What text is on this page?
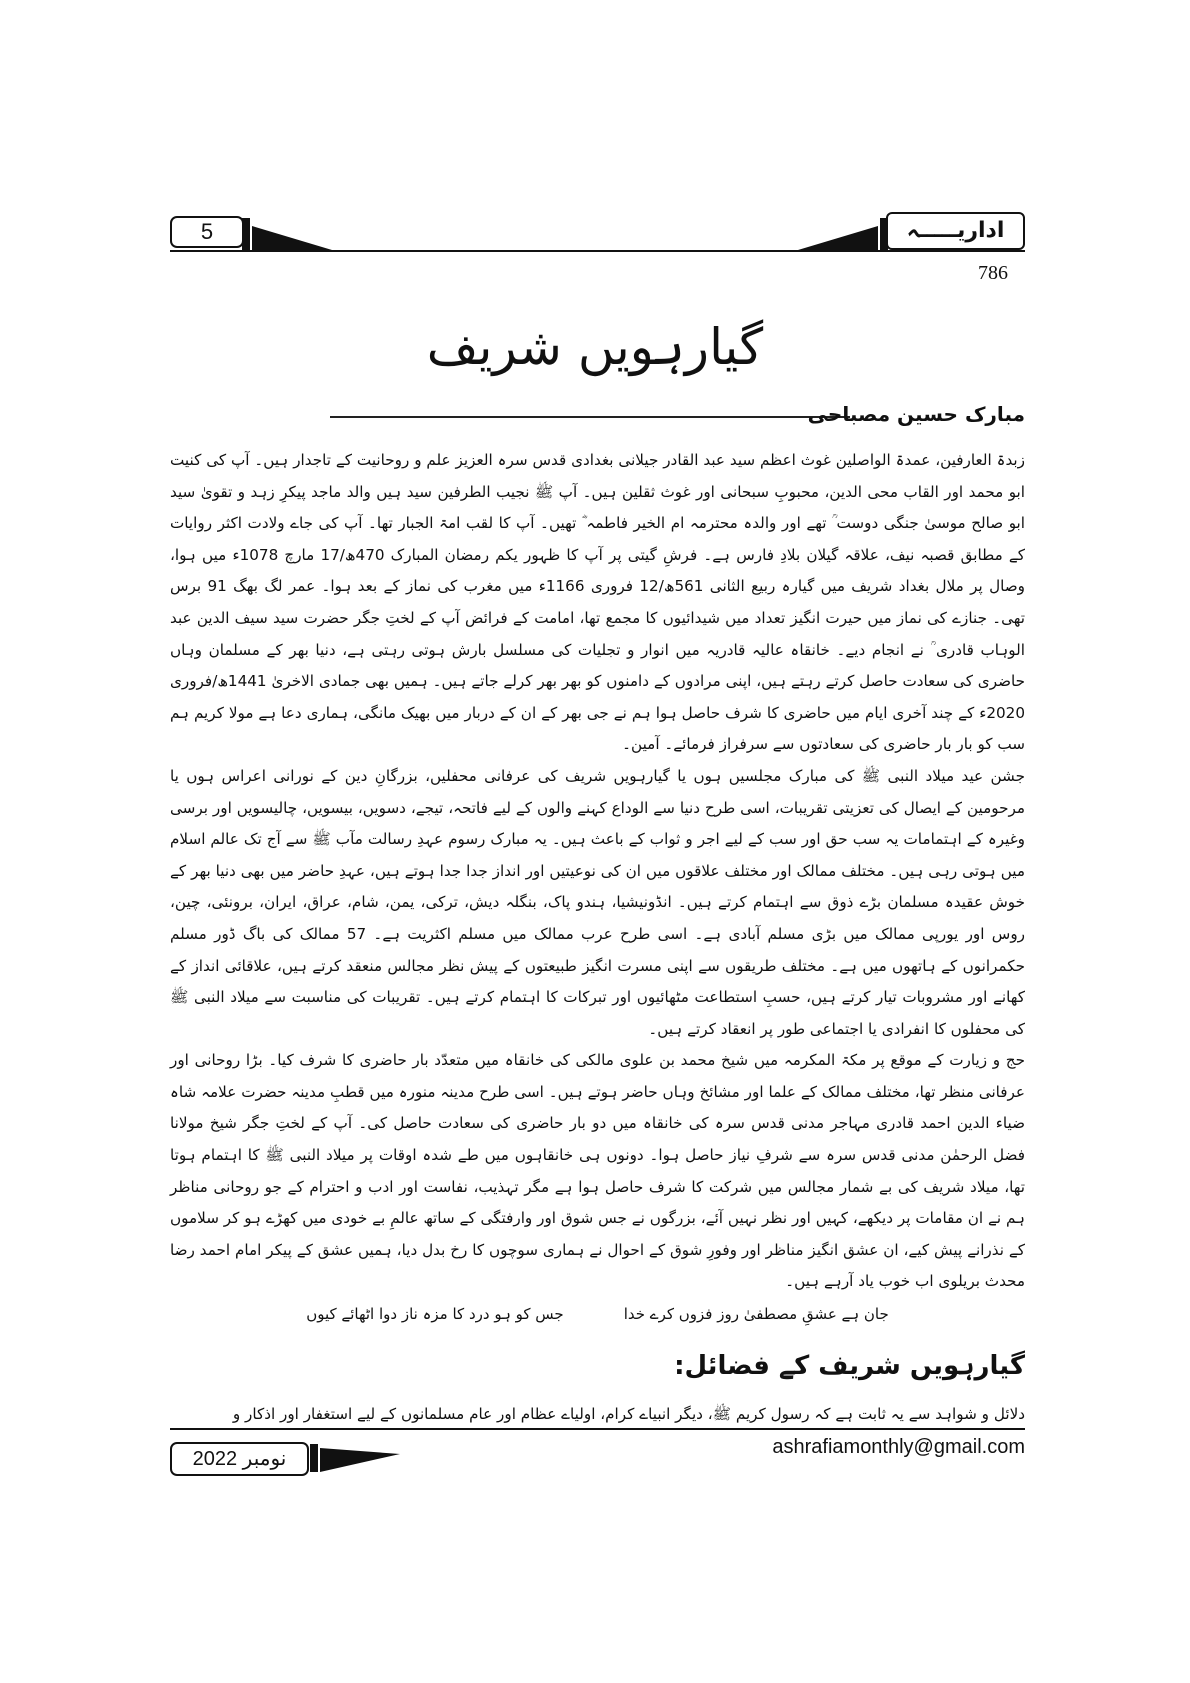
5	اداریـــــہ
786
گیارہویں شریف
مبارک حسین مصباحی

زبدۃ العارفین، عمدۃ الواصلین غوث اعظم سید عبد القادر جیلانی بغدادی قدس سرہ العزیز علم و روحانیت کے تاجدار ہیں۔ آپ کی کنیت ابو محمد اور القاب محی الدین، محبوبِ سبحانی اور غوث ثقلین ہیں۔ آپ ﷺ نجیب الطرفین سید ہیں والد ماجد پیکرِ زہد و تقویٰ سید ابو صالح موسیٰ جنگی دوست ؒ تھے اور والدہ محترمہ ام الخیر فاطمہ ؓ تھیں۔ آپ کا لقب امۃ الجبار تھا۔ آپ کی جاے ولادت اکثر روایات کے مطابق قصبہ نیف، علاقہ گیلان بلادِ فارس ہے۔ فرشِ گیتی پر آپ کا ظہور یکم رمضان المبارک 470ھ/17 مارچ 1078ء میں ہوا، وصال پر ملال بغداد شریف میں گیارہ ربیع الثانی 561ھ/12 فروری 1166ء میں مغرب کی نماز کے بعد ہوا۔ عمر لگ بھگ 91 برس تھی۔ جنازے کی نماز میں حیرت انگیز تعداد میں شیدائیوں کا مجمع تھا، امامت کے فرائض آپ کے لختِ جگر حضرت سید سیف الدین عبد الوہاب قادری ؒ نے انجام دیے۔ خانقاہ عالیہ قادریہ میں انوار و تجلیات کی مسلسل بارش ہوتی رہتی ہے، دنیا بھر کے مسلمان وہاں حاضری کی سعادت حاصل کرتے رہتے ہیں، اپنی مرادوں کے دامنوں کو بھر بھر کرلے جاتے ہیں۔ ہمیں بھی جمادی الاخریٰ 1441ھ/فروری 2020ء کے چند آخری ایام میں حاضری کا شرف حاصل ہوا ہم نے جی بھر کے ان کے دربار میں بھیک مانگی، ہماری دعا ہے مولا کریم ہم سب کو بار بار حاضری کی سعادتوں سے سرفراز فرمائے۔ آمین۔

جشن عید میلاد النبی ﷺ کی مبارک مجلسیں ہوں یا گیارہویں شریف کی عرفانی محفلیں، بزرگانِ دین کے نورانی اعراس ہوں یا مرحومین کے ایصال کی تعزیتی تقریبات، اسی طرح دنیا سے الوداع کہنے والوں کے لیے فاتحہ، تیجے، دسویں، بیسویں، چالیسویں اور برسی وغیرہ کے اہتمامات یہ سب حق اور سب کے لیے اجر و ثواب کے باعث ہیں۔ یہ مبارک رسوم عہدِ رسالت مآب ﷺ سے آج تک عالم اسلام میں ہوتی رہی ہیں۔ مختلف ممالک اور مختلف علاقوں میں ان کی نوعیتیں اور انداز جدا جدا ہوتے ہیں، عہدِ حاضر میں بھی دنیا بھر کے خوش عقیدہ مسلمان بڑے ذوق سے اہتمام کرتے ہیں۔ انڈونیشیا، ہندو پاک، بنگلہ دیش، ترکی، یمن، شام، عراق، ایران، برونئی، چین، روس اور یورپی ممالک میں بڑی مسلم آبادی ہے۔ اسی طرح عرب ممالک میں مسلم اکثریت ہے۔ 57 ممالک کی باگ ڈور مسلم حکمرانوں کے ہاتھوں میں ہے۔ مختلف طریقوں سے اپنی مسرت انگیز طبیعتوں کے پیش نظر مجالس منعقد کرتے ہیں، علاقائی انداز کے کھانے اور مشروبات تیار کرتے ہیں، حسبِ استطاعت مٹھائیوں اور تبرکات کا اہتمام کرتے ہیں۔ تقریبات کی مناسبت سے میلاد النبی ﷺ کی محفلوں کا انفرادی یا اجتماعی طور پر انعقاد کرتے ہیں۔

حج و زیارت کے موقع پر مکۃ المکرمہ میں شیخ محمد بن علوی مالکی کی خانقاہ میں متعدّد بار حاضری کا شرف کیا۔ بڑا روحانی اور عرفانی منظر تھا، مختلف ممالک کے علما اور مشائخ وہاں حاضر ہوتے ہیں۔ اسی طرح مدینہ منورہ میں قطبِ مدینہ حضرت علامہ شاہ ضیاء الدین احمد قادری مہاجر مدنی قدس سرہ کی خانقاہ میں دو بار حاضری کی سعادت حاصل کی۔ آپ کے لختِ جگر شیخ مولانا فضل الرحمٰن مدنی قدس سرہ سے شرفِ نیاز حاصل ہوا۔ دونوں ہی خانقاہوں میں طے شدہ اوقات پر میلاد النبی ﷺ کا اہتمام ہوتا تھا، میلاد شریف کی بے شمار مجالس میں شرکت کا شرف حاصل ہوا ہے مگر تہذیب، نفاست اور ادب و احترام کے جو روحانی مناظر ہم نے ان مقامات پر دیکھے، کہیں اور نظر نہیں آئے، بزرگوں نے جس شوق اور وارفتگی کے ساتھ عالمِ بے خودی میں کھڑے ہو کر سلاموں کے نذرانے پیش کیے، ان عشق انگیز مناظر اور وفورِ شوق کے احوال نے ہماری سوچوں کا رخ بدل دیا، ہمیں عشق کے پیکر امام احمد رضا محدث بریلوی اب خوب یاد آرہے ہیں۔

جان ہے عشقِ مصطفیٰ روز فزوں کرے خدا
جس کو ہو درد کا مزہ ناز دوا اٹھائے کیوں
گیارہویں شریف کے فضائل:

دلائل و شواہد سے یہ ثابت ہے کہ رسول کریم ﷺ، دیگر انبیاے کرام، اولیاے عظام اور عام مسلمانوں کے لیے استغفار اور اذکار و

نومبر 2022
ashrafiamonthly@gmail.com
